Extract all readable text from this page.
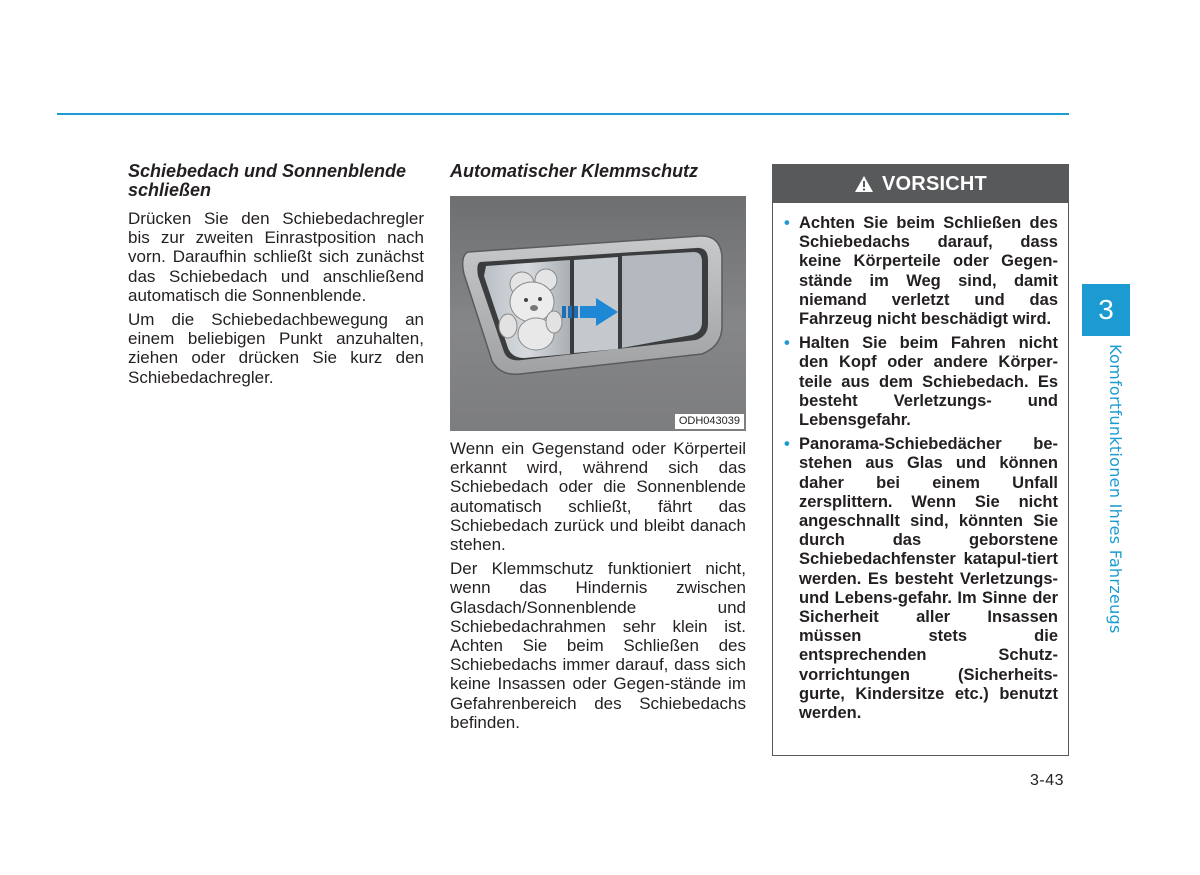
Schiebedach und Sonnenblende schließen

Drücken Sie den Schiebedachregler bis zur zweiten Einrastposition nach vorn. Daraufhin schließt sich zunächst das Schiebedach und anschließend automatisch die Sonnenblende.

Um die Schiebedachbewegung an einem beliebigen Punkt anzuhalten, ziehen oder drücken Sie kurz den Schiebedachregler.

Automatischer Klemmschutz
ODH043039

Wenn ein Gegenstand oder Körperteil erkannt wird, während sich das Schiebedach oder die Sonnenblende automatisch schließt, fährt das Schiebedach zurück und bleibt danach stehen.

Der Klemmschutz funktioniert nicht, wenn das Hindernis zwischen Glasdach/Sonnenblende und Schiebedachrahmen sehr klein ist. Achten Sie beim Schließen des Schiebedachs immer darauf, dass sich keine Insassen oder Gegen-stände im Gefahrenbereich des Schiebedachs befinden.

VORSICHT
• Achten Sie beim Schließen des Schiebedachs darauf, dass keine Körperteile oder Gegen-stände im Weg sind, damit niemand verletzt und das Fahrzeug nicht beschädigt wird.
• Halten Sie beim Fahren nicht den Kopf oder andere Körper-teile aus dem Schiebedach. Es besteht Verletzungs- und Lebensgefahr.
• Panorama-Schiebedächer be-stehen aus Glas und können daher bei einem Unfall zersplittern. Wenn Sie nicht angeschnallt sind, könnten Sie durch das geborstene Schiebedachfenster katapul-tiert werden. Es besteht Verletzungs- und Lebens-gefahr. Im Sinne der Sicherheit aller Insassen müssen stets die entsprechenden Schutz-vorrichtungen (Sicherheits-gurte, Kindersitze etc.) benutzt werden.
3
Komfortfunktionen Ihres Fahrzeugs
3-43
